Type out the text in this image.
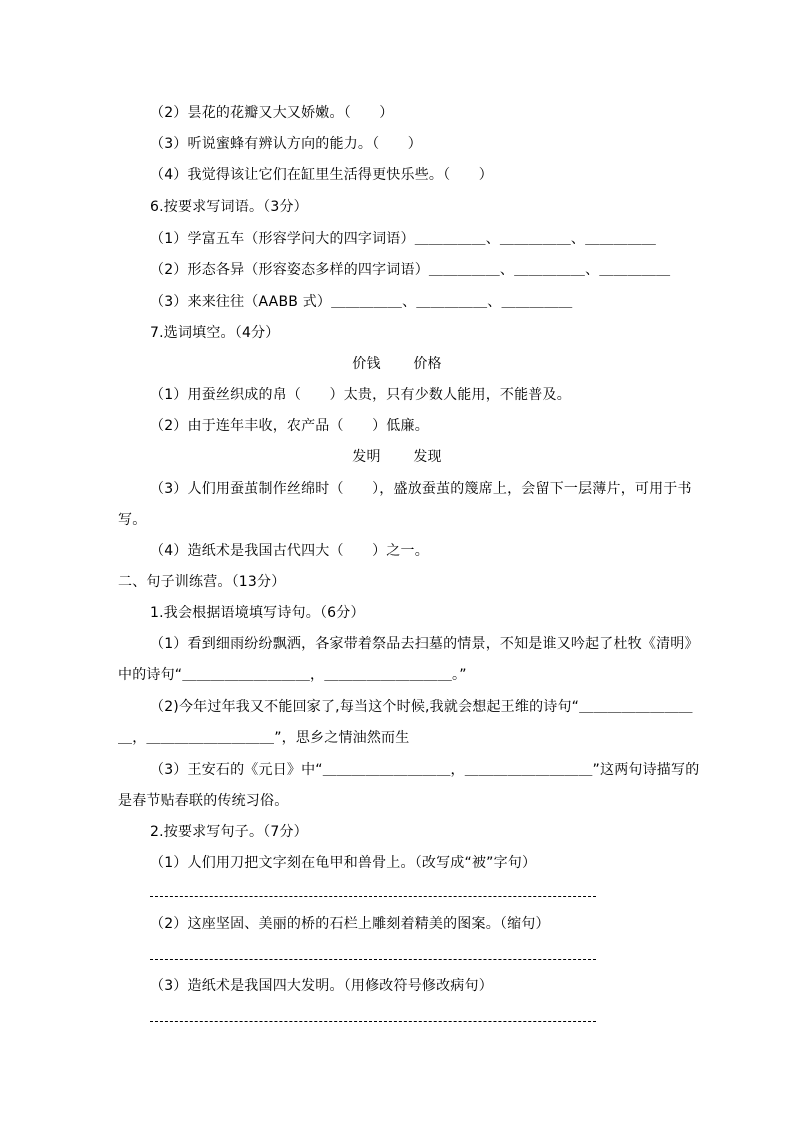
（2）昙花的花瓣又大又娇嫩。（　　）
（3）听说蜜蜂有辨认方向的能力。（　　）
（4）我觉得该让它们在缸里生活得更快乐些。（　　）
6.按要求写词语。（3分）
（1）学富五车（形容学问大的四字词语）＿＿＿＿＿、＿＿＿＿＿、＿＿＿＿＿
（2）形态各异（形容姿态多样的四字词语）＿＿＿＿＿、＿＿＿＿＿、＿＿＿＿＿
（3）来来往往（AABB 式）＿＿＿＿＿、＿＿＿＿＿、＿＿＿＿＿
7.选词填空。（4分）
价钱 价格
（1）用蚕丝织成的帛（　　）太贵，只有少数人能用，不能普及。
（2）由于连年丰收，农产品（　　）低廉。
发明 发现
（3）人们用蚕茧制作丝绵时（　　），盛放蚕茧的篾席上，会留下一层薄片，可用于书
写。
（4）造纸术是我国古代四大（　　）之一。
二、句子训练营。（13分）
1.我会根据语境填写诗句。（6分）
（1）看到细雨纷纷飘洒，各家带着祭品去扫墓的情景，不知是谁又吟起了杜牧《清明》
中的诗句“＿＿＿＿＿＿＿＿＿，＿＿＿＿＿＿＿＿＿。”
（2)今年过年我又不能回家了,每当这个时候,我就会想起王维的诗句“＿＿＿＿＿＿＿＿
＿，＿＿＿＿＿＿＿＿＿”，思乡之情油然而生
（3）王安石的《元日》中“＿＿＿＿＿＿＿＿＿，＿＿＿＿＿＿＿＿＿”这两句诗描写的
是春节贴春联的传统习俗。
2.按要求写句子。（7分）
（1）人们用刀把文字刻在龟甲和兽骨上。（改写成“被”字句）
（2）这座坚固、美丽的桥的石栏上雕刻着精美的图案。（缩句）
（3）造纸术是我国四大发明。（用修改符号修改病句）
